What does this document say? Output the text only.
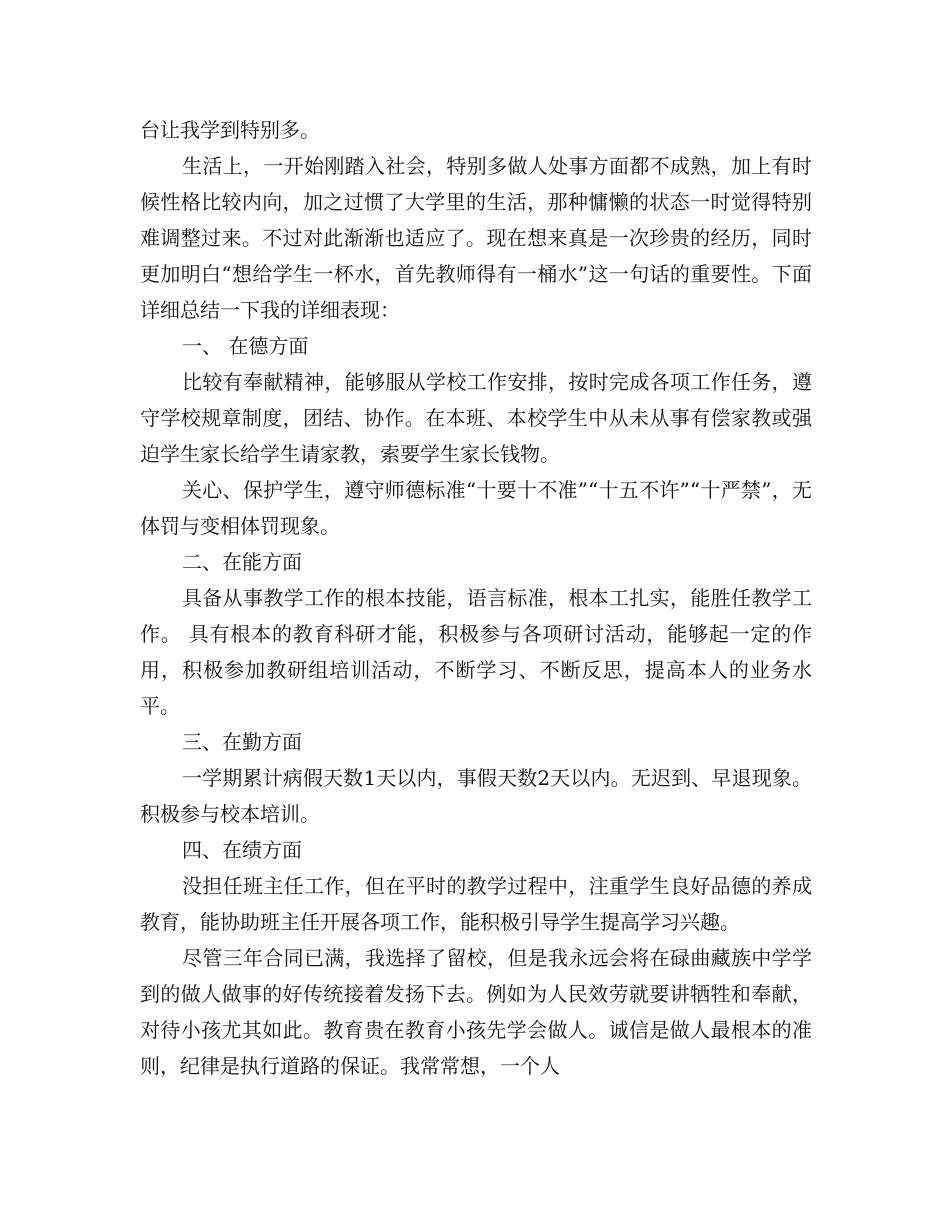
台让我学到特别多。

生活上，一开始刚踏入社会，特别多做人处事方面都不成熟，加上有时候性格比较内向，加之过惯了大学里的生活，那种慵懒的状态一时觉得特别难调整过来。不过对此渐渐也适应了。现在想来真是一次珍贵的经历，同时更加明白“想给学生一杯水，首先教师得有一桶水”这一句话的重要性。下面详细总结一下我的详细表现：

一、 在德方面

比较有奉献精神，能够服从学校工作安排，按时完成各项工作任务，遵守学校规章制度，团结、协作。在本班、本校学生中从未从事有偿家教或强迫学生家长给学生请家教，索要学生家长钱物。

关心、保护学生，遵守师德标准“十要十不准”“十五不许”“十严禁”，无体罚与变相体罚现象。

二、在能方面

具备从事教学工作的根本技能，语言标准，根本工扎实，能胜任教学工作。 具有根本的教育科研才能，积极参与各项研讨活动，能够起一定的作用，积极参加教研组培训活动，不断学习、不断反思，提高本人的业务水平。

三、在勤方面

一学期累计病假天数1天以内，事假天数2天以内。无迟到、早退现象。积极参与校本培训。

四、在绩方面

没担任班主任工作，但在平时的教学过程中，注重学生良好品德的养成教育，能协助班主任开展各项工作，能积极引导学生提高学习兴趣。

尽管三年合同已满，我选择了留校，但是我永远会将在碌曲藏族中学学到的做人做事的好传统接着发扬下去。例如为人民效劳就要讲牺牲和奉献，对待小孩尤其如此。教育贵在教育小孩先学会做人。诚信是做人最根本的准则，纪律是执行道路的保证。我常常想，一个人
